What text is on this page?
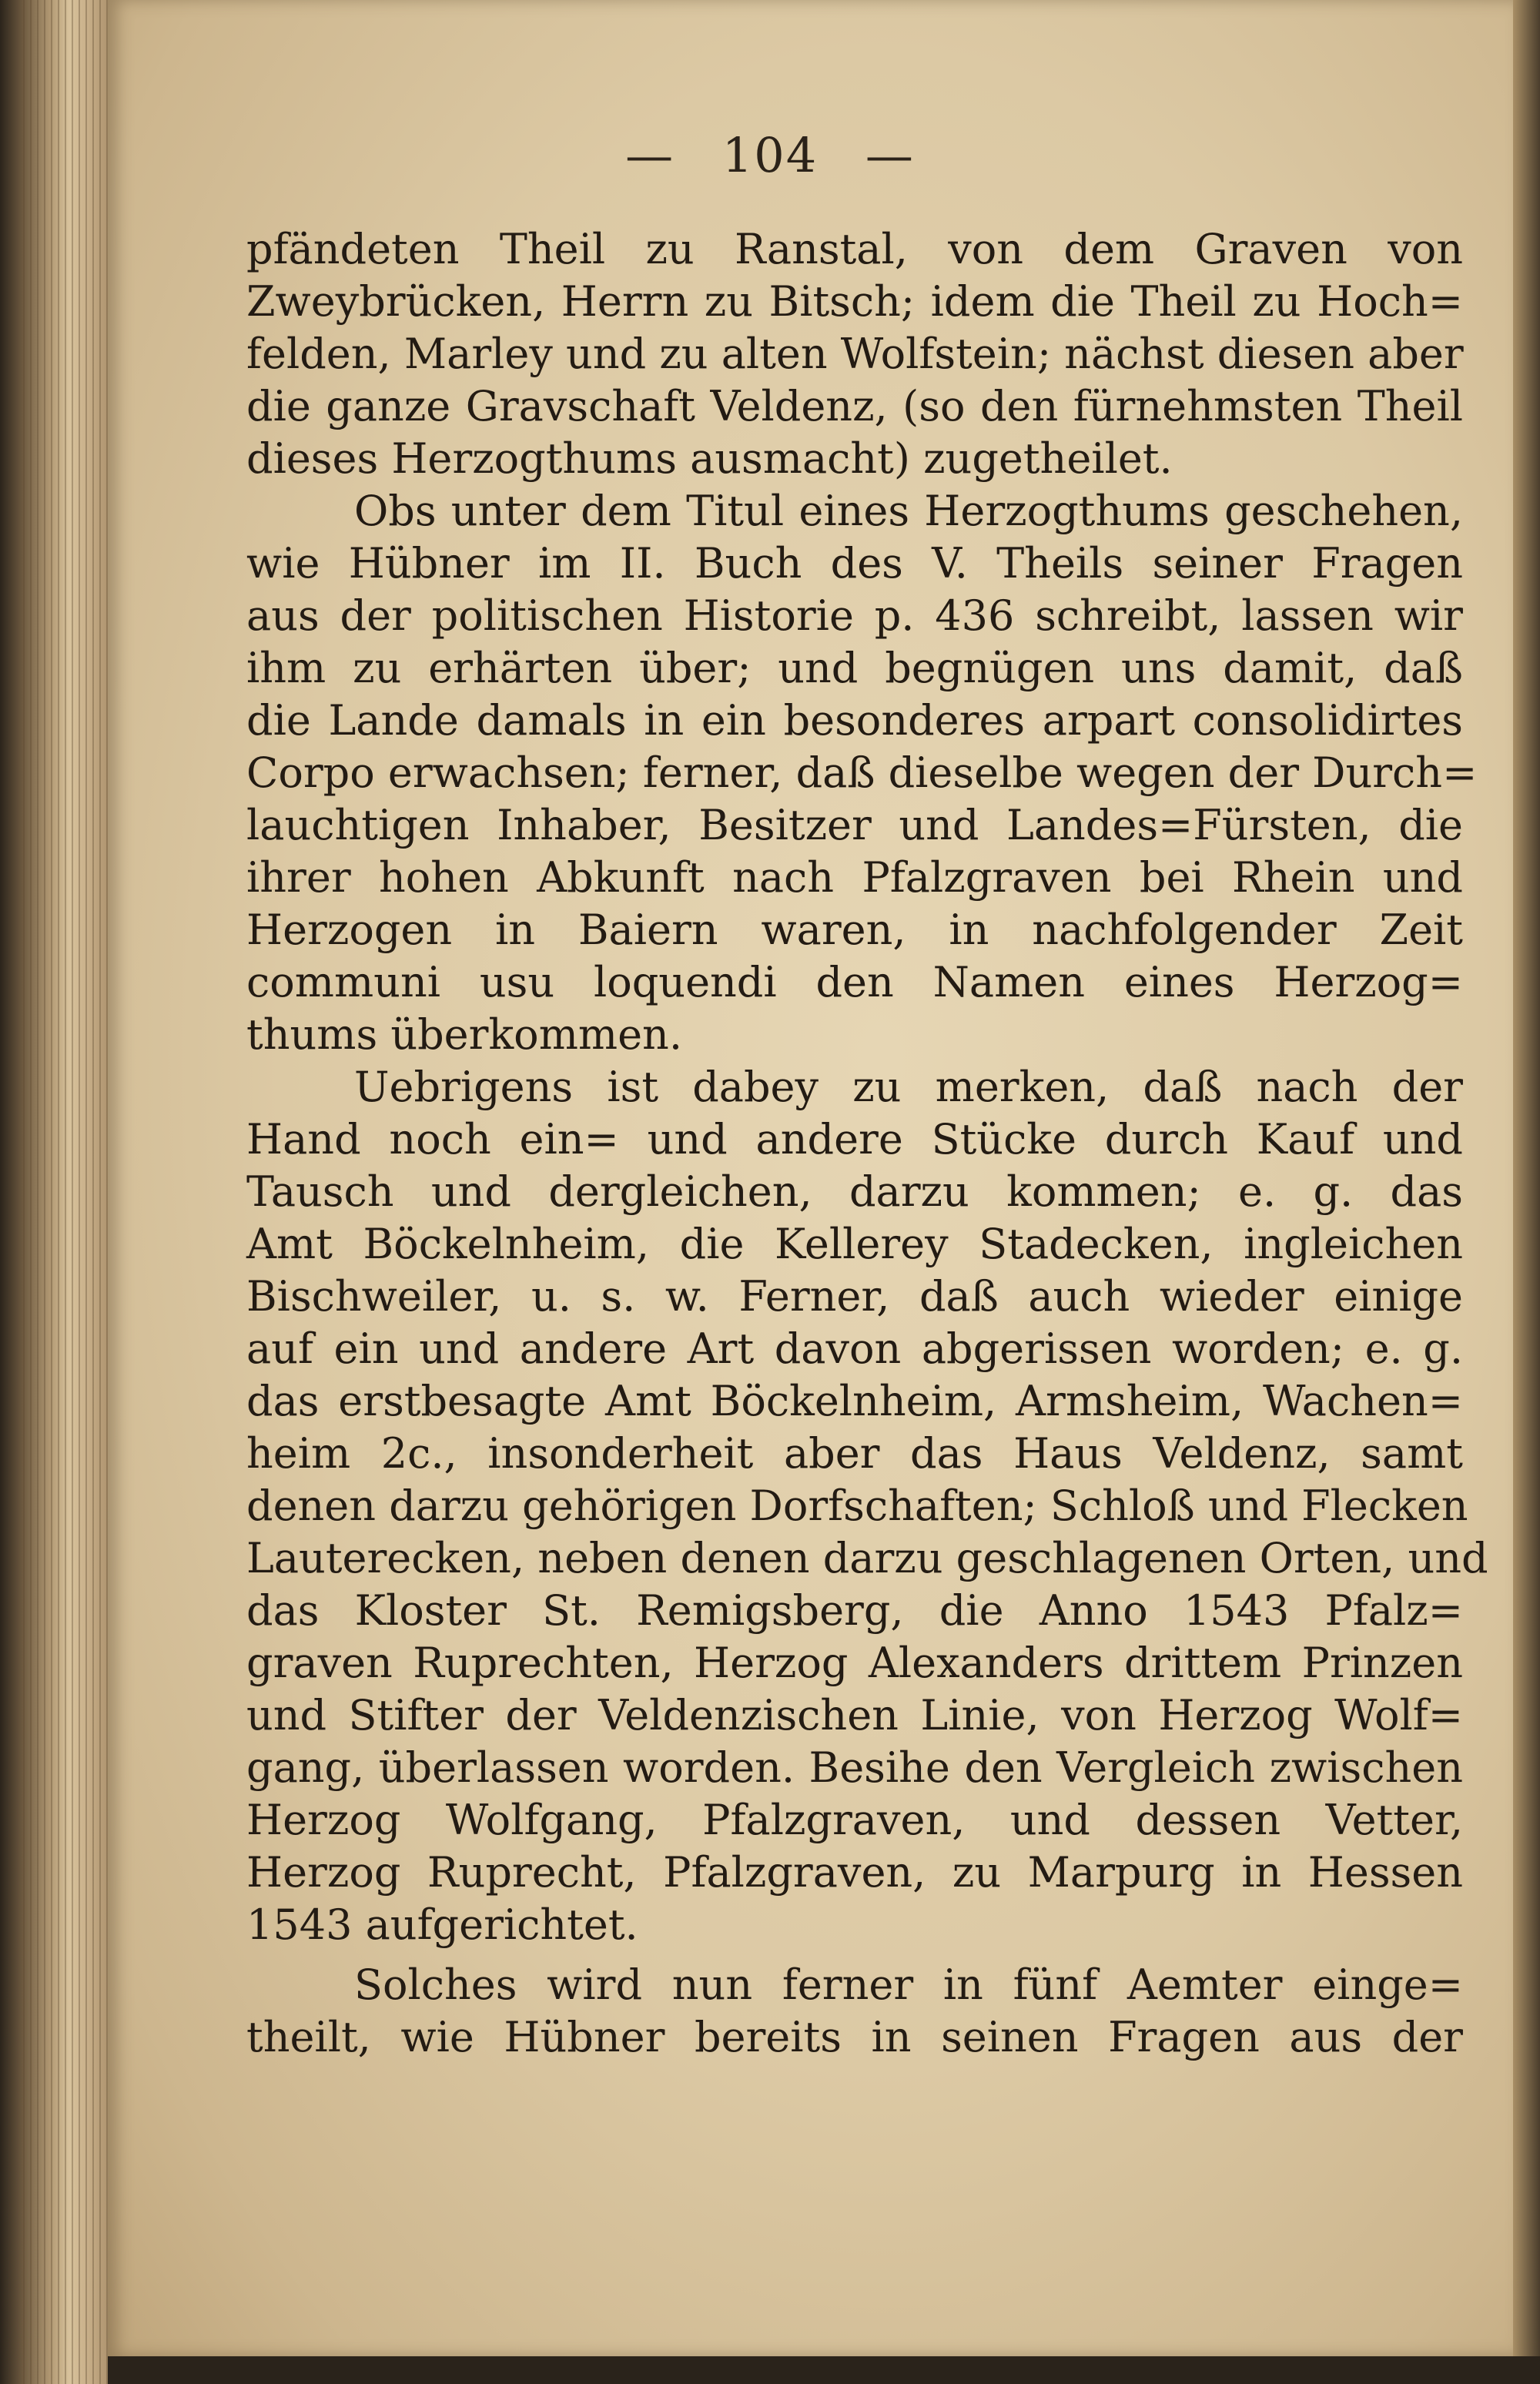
— 104 —
pfändeten Theil zu Ranstal, von dem Graven von
Zweybrücken, Herrn zu Bitsch; idem die Theil zu Hoch=
felden, Marley und zu alten Wolfstein; nächst diesen aber
die ganze Gravschaft Veldenz, (so den fürnehmsten Theil
dieses Herzogthums ausmacht) zugetheilet.
Obs unter dem Titul eines Herzogthums geschehen,
wie Hübner im II. Buch des V. Theils seiner Fragen
aus der politischen Historie p. 436 schreibt, lassen wir
ihm zu erhärten über; und begnügen uns damit, daß
die Lande damals in ein besonderes arpart consolidirtes
Corpo erwachsen; ferner, daß dieselbe wegen der Durch=
lauchtigen Inhaber, Besitzer und Landes=Fürsten, die
ihrer hohen Abkunft nach Pfalzgraven bei Rhein und
Herzogen in Baiern waren, in nachfolgender Zeit
communi usu loquendi den Namen eines Herzog=
thums überkommen.
Uebrigens ist dabey zu merken, daß nach der
Hand noch ein= und andere Stücke durch Kauf und
Tausch und dergleichen, darzu kommen; e. g. das
Amt Böckelnheim, die Kellerey Stadecken, ingleichen
Bischweiler, u. s. w. Ferner, daß auch wieder einige
auf ein und andere Art davon abgerissen worden; e. g.
das erstbesagte Amt Böckelnheim, Armsheim, Wachen=
heim 2c., insonderheit aber das Haus Veldenz, samt
denen darzu gehörigen Dorfschaften; Schloß und Flecken
Lauterecken, neben denen darzu geschlagenen Orten, und
das Kloster St. Remigsberg, die Anno 1543 Pfalz=
graven Ruprechten, Herzog Alexanders drittem Prinzen
und Stifter der Veldenzischen Linie, von Herzog Wolf=
gang, überlassen worden. Besihe den Vergleich zwischen
Herzog Wolfgang, Pfalzgraven, und dessen Vetter,
Herzog Ruprecht, Pfalzgraven, zu Marpurg in Hessen
1543 aufgerichtet.
Solches wird nun ferner in fünf Aemter einge=
theilt, wie Hübner bereits in seinen Fragen aus der
